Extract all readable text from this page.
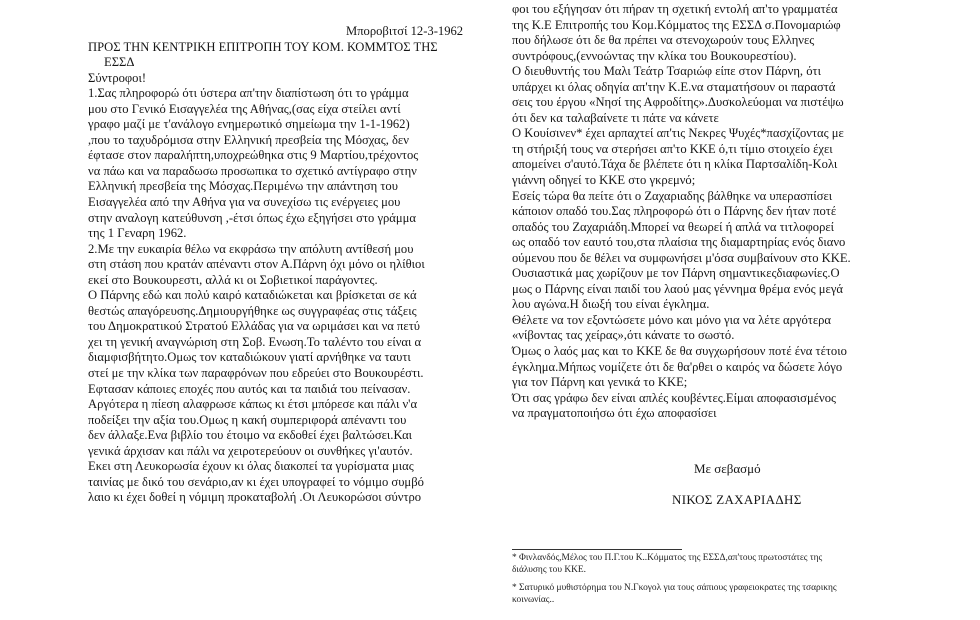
Μποροβιτσί 12-3-1962
ΠΡΟΣ ΤΗΝ ΚΕΝΤΡΙΚΗ ΕΠΙΤΡΟΠΗ ΤΟΥ ΚΟΜ. ΚΟΜΜΤΟΣ ΤΗΣ
ΕΣΣΔ
Σύντροφοι!
1.Σας πληροφορώ ότι ύστερα απ'την διαπίστωση ότι το γράμμα
μου στο Γενικό Εισαγγελέα της Αθήνας,(σας είχα στείλει αντί
γραφο μαζί με τ'ανάλογο ενημερωτικό σημείωμα την 1-1-1962)
,που το ταχυδρόμισα στην Ελληνική πρεσβεία της Μόσχας, δεν
έφτασε στον παραλήπτη,υποχρεώθηκα στις 9 Μαρτίου,τρέχοντος
να πάω και να παραδωσω προσωπικα το σχετικό αντίγραφο στην
Ελληνική πρεσβεία της Μόσχας.Περιμένω την απάντηση του
Εισαγγελέα από την Αθήνα για να συνεχίσω τις ενέργειες μου
στην αναλογη κατεύθυνση ,-έτσι όπως έχω εξηγήσει στο γράμμα
της 1 Γεναρη 1962.
2.Με την ευκαιρία θέλω να εκφράσω την απόλυτη αντίθεσή μου
στη στάση που κρατάν απέναντι στον Α.Πάρνη όχι μόνο οι ηλίθιοι
εκεί στο Βουκουρεστι, αλλά κι οι Σοβιετικοί παράγοντες.
Ο Πάρνης εδώ και πολύ καιρό καταδιώκεται και βρίσκεται σε κά
θεστώς απαγόρευσης.Δημιουργήθηκε ως συγγραφέας στις τάξεις
του Δημοκρατικού Στρατού Ελλάδας για να ωριμάσει και να πετύ
χει τη γενική αναγνώριση στη Σοβ. Ενωση.Το ταλέντο του είναι α
διαμφισβήτητο.Ομως τον καταδιώκουν γιατί αρνήθηκε να ταυτι
στεί με την κλίκα των παραφρόνων που εδρεύει στο Βουκουρέστι.
Εφτασαν κάποιες εποχές που αυτός και τα παιδιά του πείνασαν.
Αργότερα η πίεση αλαφρωσε κάπως κι έτσι μπόρεσε και πάλι ν'α
ποδείξει την αξία του.Ομως η κακή συμπεριφορά απέναντι του
δεν άλλαξε.Ενα βιβλίο του έτοιμο να εκδοθεί έχει βαλτώσει.Και
γενικά άρχισαν και πάλι να χειροτερεύουν οι συνθήκες γι'αυτόν.
Εκει στη Λευκορωσία έχουν κι όλας διακοπεί τα γυρίσματα μιας
ταινίας με δικό του σενάριο,αν κι έχει υπογραφεί το νόμιμο συμβό
λαιο κι έχει δοθεί η νόμιμη προκαταβολή .Οι Λευκορώσοι σύντρο
φοι του εξήγησαν ότι πήραν τη σχετική εντολή απ'το γραμματέα
της Κ.Ε Επιτροπής του Κομ.Κόμματος της ΕΣΣΔ σ.Πονομαριώφ
που δήλωσε ότι δε θα πρέπει να στενοχωρούν τους Ελληνες
συντρόφους,(εννοώντας την κλίκα του Βουκουρεστίου).
Ο διευθυντής του Μαλι Τεάτρ Τσαριώφ είπε στον Πάρνη, ότι
υπάρχει κι όλας οδηγία απ'την Κ.Ε.να σταματήσουν οι παραστά
σεις του έργου «Νησί της Αφροδίτης».Δυσκολεύομαι να πιστέψω
ότι δεν κα ταλαβαίνετε τι πάτε να κάνετε
Ο Κουίσινεν* έχει αρπαχτεί απ'τις Νεκρες Ψυχές*πασχίζοντας με
τη στήριξή τους να στερήσει απ'το ΚΚΕ ό,τι τίμιο στοιχείο έχει
απομείνει σ'αυτό.Τάχα δε βλέπετε ότι η κλίκα Παρτσαλίδη-Κολι
γιάννη οδηγεί το ΚΚΕ στο γκρεμνό;
Εσείς τώρα θα πείτε ότι ο Ζαχαριαδης βάλθηκε να υπερασπίσει
κάποιον οπαδό του.Σας πληροφορώ ότι ο Πάρνης δεν ήταν ποτέ
οπαδός του Ζαχαριάδη.Μπορεί να θεωρεί ή απλά να τιτλοφορεί
ως οπαδό τον εαυτό του,στα πλαίσια της διαμαρτηρίας ενός διανο
ούμενου που δε θέλει να συμφωνήσει μ'όσα συμβαίνουν στο ΚΚΕ.
Ουσιαστικά μας χωρίζουν με τον Πάρνη σημαντικεςδιαφωνίες.Ο
μως ο Πάρνης είναι παιδί του λαού μας γέννημα θρέμα ενός μεγά
λου αγώνα.Η διωξή του είναι έγκλημα.
Θέλετε να τον εξοντώσετε μόνο και μόνο για να λέτε αργότερα
«νίβοντας τας χείρας»,ότι κάνατε το σωστό.
Όμως ο λαός μας και το ΚΚΕ δε θα συγχωρήσουν ποτέ ένα τέτοιο
έγκλημα.Μήπως νομίζετε ότι δε θα'ρθει ο καιρός να δώσετε λόγο
για τον Πάρνη και γενικά το ΚΚΕ;
Ότι σας γράφω δεν είναι απλές κουβέντες.Είμαι αποφασισμένος
να πραγματοποιήσω ότι έχω αποφασίσει
Με σεβασμό
ΝΙΚΟΣ ΖΑΧΑΡΙΑΔΗΣ
* Φινλανδός,Μέλος του Π.Γ.του Κ..Κόμματος της ΕΣΣΔ,απ'τους πρωτοστάτες της
διάλυσης του ΚΚΕ.
* Σατυρικό μυθιστόρημα του Ν.Γκογολ για τους σάπιους γραφειοκρατες της τσαρικης
κοινωνίας..
